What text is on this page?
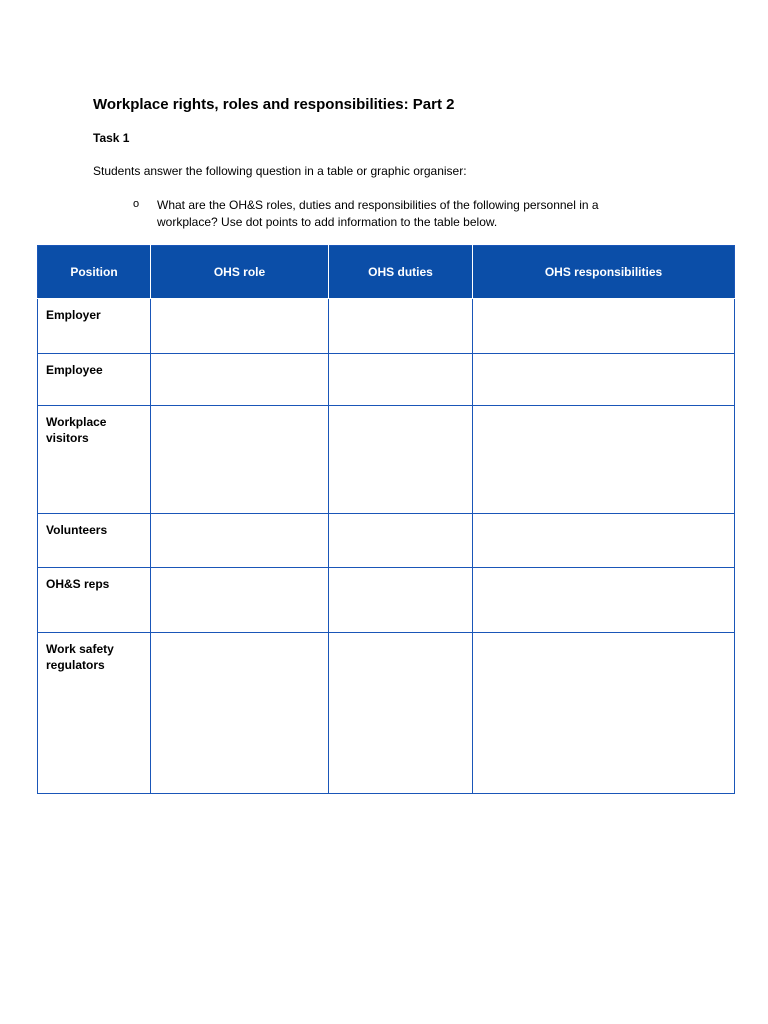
Workplace rights, roles and responsibilities: Part 2
Task 1
Students answer the following question in a table or graphic organiser:
o What are the OH&S roles, duties and responsibilities of the following personnel in a
workplace? Use dot points to add information to the table below.
Position	OHS role	OHS duties	OHS responsibilities
Employer			
Employee			
Workplace
visitors			
Volunteers			
OH&S reps			
Work safety
regulators			
